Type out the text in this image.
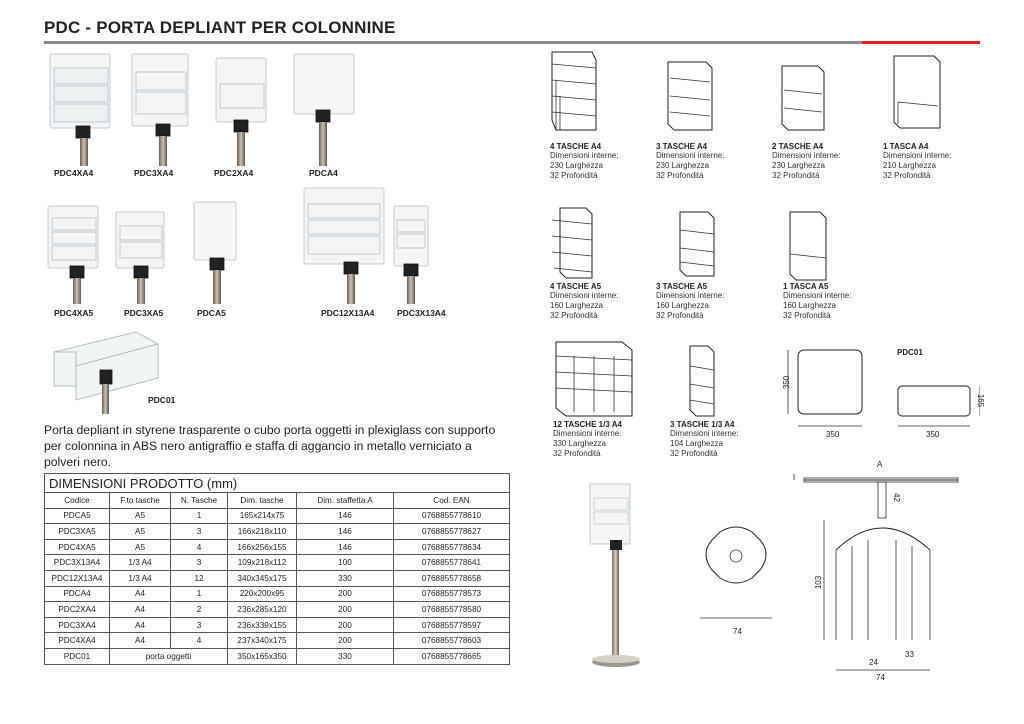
PDC - PORTA DEPLIANT PER COLONNINE
PDC4XA4	PDC3XA4	PDC2XA4	PDCA4
PDC4XA5	PDC3XA5	PDCA5	PDC12X13A4	PDC3X13A4
PDC01
Porta depliant in styrene trasparente o cubo porta oggetti in plexiglass con supporto per colonnina in ABS nero antigraffio e staffa di aggancio in metallo verniciato a polveri nero.
DIMENSIONI PRODOTTO (mm)
Codice	F.to tasche	N. Tasche	Dim. tasche	Dim. staffetta A	Cod. EAN
PDCA5	A5	1	165x214x75	146	0768855778610
PDC3XA5	A5	3	166x218x110	146	0768855778627
PDC4XA5	A5	4	166x256x155	146	0768855778634
PDC3X13A4	1/3 A4	3	109x218x112	100	0768855778641
PDC12X13A4	1/3 A4	12	340x345x175	330	0768855778658
PDCA4	A4	1	220x200x95	200	0768855778573
PDC2XA4	A4	2	236x285x120	200	0768855778580
PDC3XA4	A4	3	236x339x155	200	0768855778597
PDC4XA4	A4	4	237x340x175	200	0768855778603
PDC01	porta oggetti		350x165x350	330	0768855778665
4 TASCHE A4
Dimensioni interne:
230 Larghezza
32 Profondità
3 TASCHE A4
Dimensioni interne:
230 Larghezza
32 Profondità
2 TASCHE A4
Dimensioni interne:
230 Larghezza
32 Profondità
1 TASCA A4
Dimensioni interne:
210 Larghezza
32 Profondità
4 TASCHE A5
Dimensioni interne:
160 Larghezza
32 Profondità
3 TASCHE A5
Dimensioni interne:
160 Larghezza
32 Profondità
1 TASCA A5
Dimensioni interne:
160 Larghezza
32 Profondità
12 TASCHE 1/3 A4
Dimensioni interne:
330 Larghezza
32 Profondità
3 TASCHE 1/3 A4
Dimensioni interne:
104 Larghezza
32 Profondità
PDC01
350
350	350
165
74
A
42
103
24
33
74
